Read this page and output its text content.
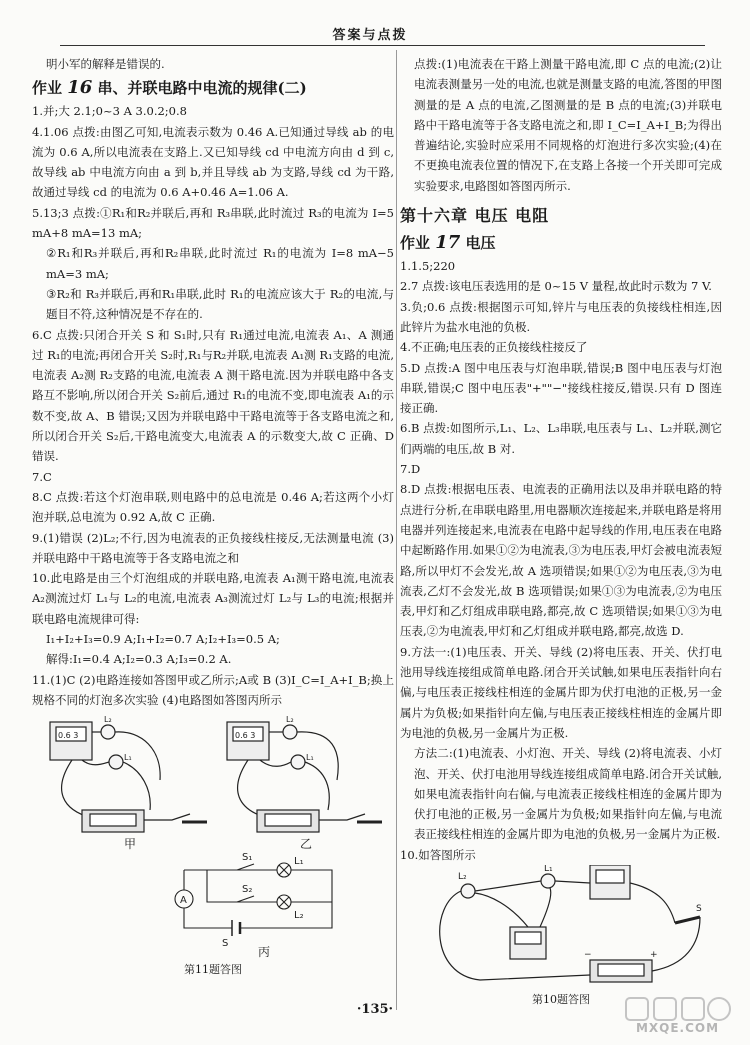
答案与点拨

明小军的解释是错误的.

作业 16 串、并联电路中电流的规律(二)

1.并;大 2.1;0~3 A 3.0.2;0.8

4.1.06 点拨:由图乙可知,电流表示数为 0.46 A.已知通过导线 ab 的电流为 0.6 A,所以电流表在支路上.又已知导线 cd 中电流方向由 d 到 c,故导线 ab 中电流方向由 a 到 b,并且导线 ab 为支路,导线 cd 为干路,故通过导线 cd 的电流为 0.6 A+0.46 A=1.06 A.

5.13;3 点拨:①R₁和R₂并联后,再和 R₃串联,此时流过 R₃的电流为 I=5 mA+8 mA=13 mA;

②R₁和R₃并联后,再和R₂串联,此时流过 R₁的电流为 I=8 mA−5 mA=3 mA;

③R₂和 R₃并联后,再和R₁串联,此时 R₁的电流应该大于 R₂的电流,与题目不符,这种情况是不存在的.

6.C 点拨:只闭合开关 S 和 S₁时,只有 R₁通过电流,电流表 A₁、A 测通过 R₁的电流;再闭合开关 S₂时,R₁与R₂并联,电流表 A₁测 R₁支路的电流,电流表 A₂测 R₂支路的电流,电流表 A 测干路电流.因为并联电路中各支路互不影响,所以闭合开关 S₂前后,通过 R₁的电流不变,即电流表 A₁的示数不变,故 A、B 错误;又因为并联电路中干路电流等于各支路电流之和,所以闭合开关 S₂后,干路电流变大,电流表 A 的示数变大,故 C 正确、D 错误.

7.C

8.C 点拨:若这个灯泡串联,则电路中的总电流是 0.46 A;若这两个小灯泡并联,总电流为 0.92 A,故 C 正确.

9.(1)错误 (2)L₂;不行,因为电流表的正负接线柱接反,无法测量电流 (3)并联电路中干路电流等于各支路电流之和

10.此电路是由三个灯泡组成的并联电路,电流表 A₁测干路电流,电流表 A₂测流过灯 L₁与 L₂的电流,电流表 A₃测流过灯 L₂与 L₃的电流;根据并联电路电流规律可得:

I₁+I₂+I₃=0.9 A;I₁+I₂=0.7 A;I₂+I₃=0.5 A;

解得:I₁=0.4 A;I₂=0.3 A;I₃=0.2 A.

11.(1)C (2)电路连接如答图甲或乙所示;A或 B (3)I_C=I_A+I_B;换上规格不同的灯泡多次实验 (4)电路图如答图丙所示

0.6 3	0.6 3
L₂
L₁
L₂
L₁
甲	乙
A
S₁
S₂
L₁
L₂
S
丙
第11题答图

点拨:(1)电流表在干路上测量干路电流,即 C 点的电流;(2)让电流表测量另一处的电流,也就是测量支路的电流,答图的甲图测量的是 A 点的电流,乙图测量的是 B 点的电流;(3)并联电路中干路电流等于各支路电流之和,即 I_C=I_A+I_B;为得出普遍结论,实验时应采用不同规格的灯泡进行多次实验;(4)在不更换电流表位置的情况下,在支路上各接一个开关即可完成实验要求,电路图如答图丙所示.

第十六章 电压 电阻
作业 17 电压

1.1.5;220

2.7 点拨:该电压表选用的是 0~15 V 量程,故此时示数为 7 V.

3.负;0.6 点拨:根据图示可知,锌片与电压表的负接线柱相连,因此锌片为盐水电池的负极.

4.不正确;电压表的正负接线柱接反了

5.D 点拨:A 图中电压表与灯泡串联,错误;B 图中电压表与灯泡串联,错误;C 图中电压表"+""−"接线柱接反,错误.只有 D 图连接正确.

6.B 点拨:如图所示,L₁、L₂、L₃串联,电压表与 L₁、L₂并联,测它们两端的电压,故 B 对.

7.D

8.D 点拨:根据电压表、电流表的正确用法以及串并联电路的特点进行分析,在串联电路里,用电器顺次连接起来,并联电路是将用电器并列连接起来,电流表在电路中起导线的作用,电压表在电路中起断路作用.如果①②为电流表,③为电压表,甲灯会被电流表短路,所以甲灯不会发光,故 A 选项错误;如果①②为电压表,③为电流表,乙灯不会发光,故 B 选项错误;如果①③为电流表,②为电压表,甲灯和乙灯组成串联电路,都亮,故 C 选项错误;如果①③为电压表,②为电流表,甲灯和乙灯组成并联电路,都亮,故选 D.

9.方法一:(1)电压表、开关、导线 (2)将电压表、开关、伏打电池用导线连接组成简单电路.闭合开关试触,如果电压表指针向右偏,与电压表正接线柱相连的金属片即为伏打电池的正极,另一金属片为负极;如果指针向左偏,与电压表正接线柱相连的金属片即为电池的负极,另一金属片为正极.

方法二:(1)电流表、小灯泡、开关、导线 (2)将电流表、小灯泡、开关、伏打电池用导线连接组成简单电路.闭合开关试触,如果电流表指针向右偏,与电流表正接线柱相连的金属片即为伏打电池的正极,另一金属片为负极;如果指针向左偏,与电流表正接线柱相连的金属片即为电池的负极,另一金属片为正极.

10.如答图所示

L₂
L₁
S
−	+
第10题答图
·135·
MXQE.COM
